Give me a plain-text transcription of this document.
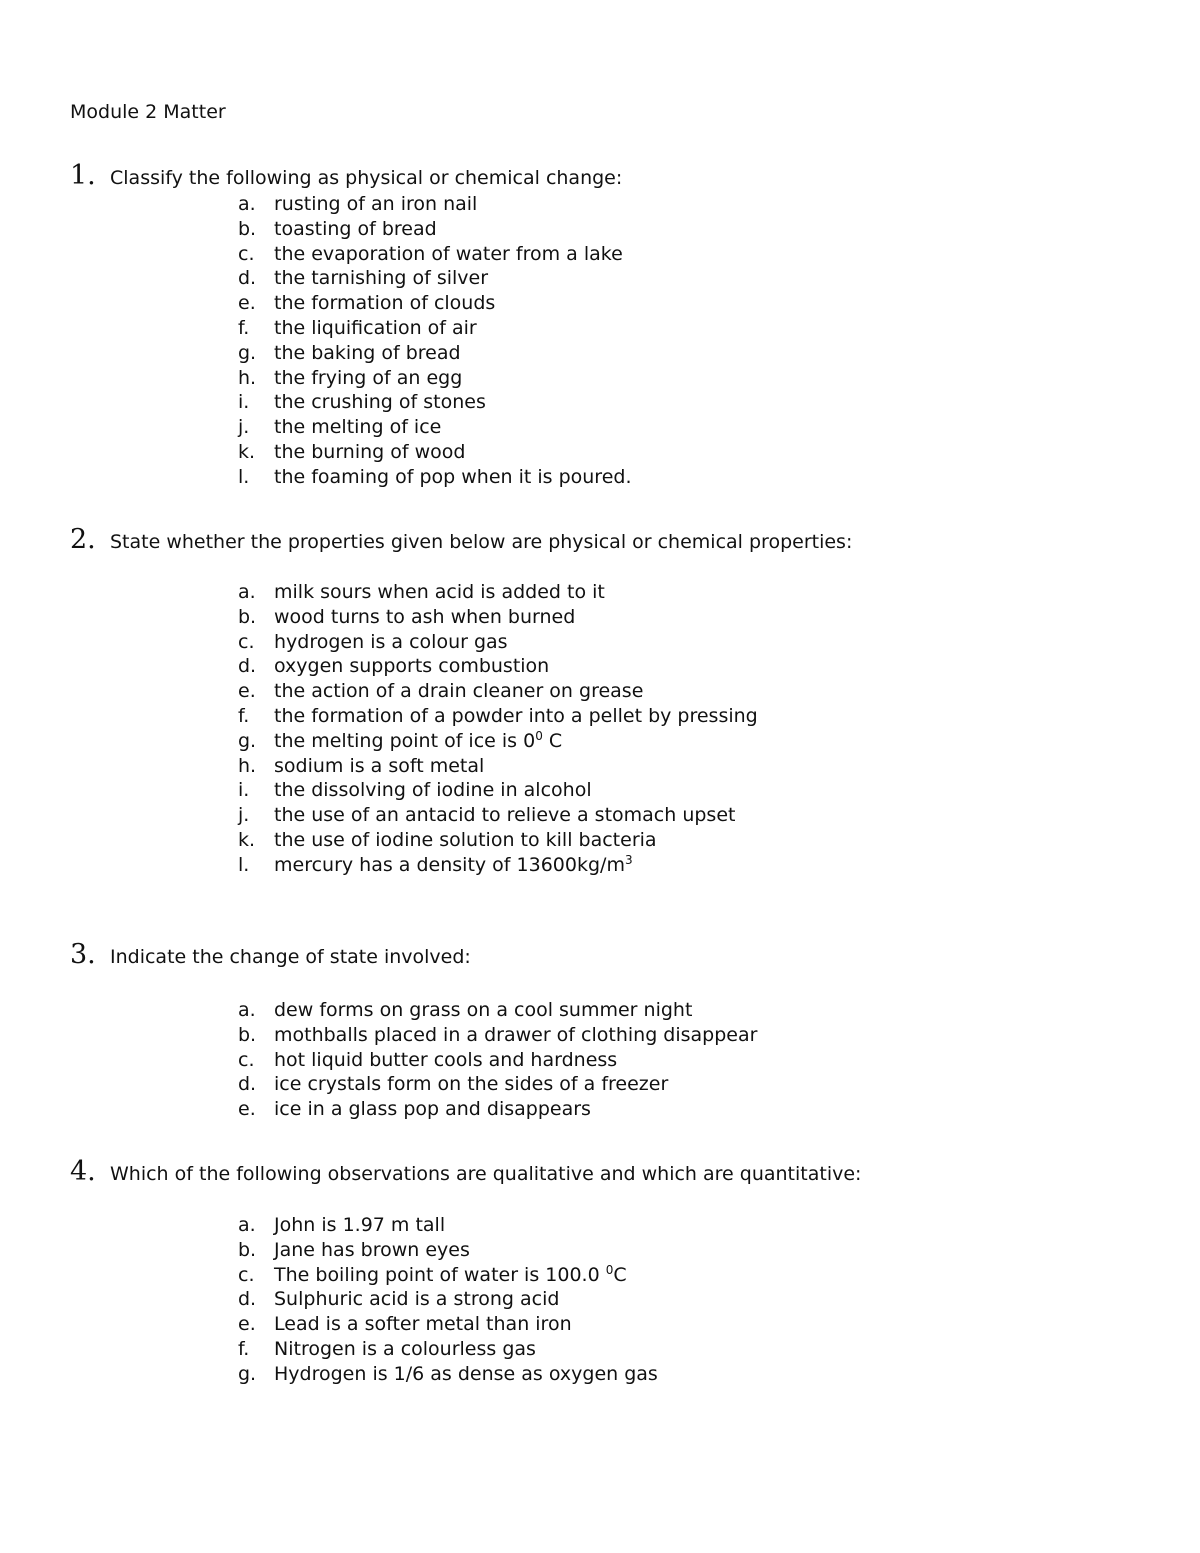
Module 2 Matter
1. Classify the following as physical or chemical change:
a. rusting of an iron nail
b. toasting of bread
c.	the evaporation of water from a lake
d. the tarnishing of silver
e. the formation of clouds
f.	the liquification of air
g. the baking of bread
h. the frying of an egg
i.	the crushing of stones
j.	the melting of ice
k. the burning of wood
l.	the foaming of pop when it is poured.
2. State whether the properties given below are physical or chemical properties:
a. milk sours when acid is added to it
b. wood turns to ash when burned
c.	hydrogen is a colour gas
d. oxygen supports combustion
e. the action of a drain cleaner on grease
f.	the formation of a powder into a pellet by pressing
g. the melting point of ice is $0^0$ C
h. sodium is a soft metal
i.	the dissolving of iodine in alcohol
j.	the use of an antacid to relieve a stomach upset
k. the use of iodine solution to kill bacteria
l.	mercury has a density of $13600kg/m^3$
3. Indicate the change of state involved:
a. dew forms on grass on a cool summer night
b. mothballs placed in a drawer of clothing disappear
c.	hot liquid butter cools and hardness
d. ice crystals form on the sides of a freezer
e. ice in a glass pop and disappears
4. Which of the following observations are qualitative and which are quantitative:
a. John is 1.97 m tall
b. Jane has brown eyes
c.	The boiling point of water is 100.0 $^0$C
d. Sulphuric acid is a strong acid
e. Lead is a softer metal than iron
f.	Nitrogen is a colourless gas
g. Hydrogen is 1/6 as dense as oxygen gas
